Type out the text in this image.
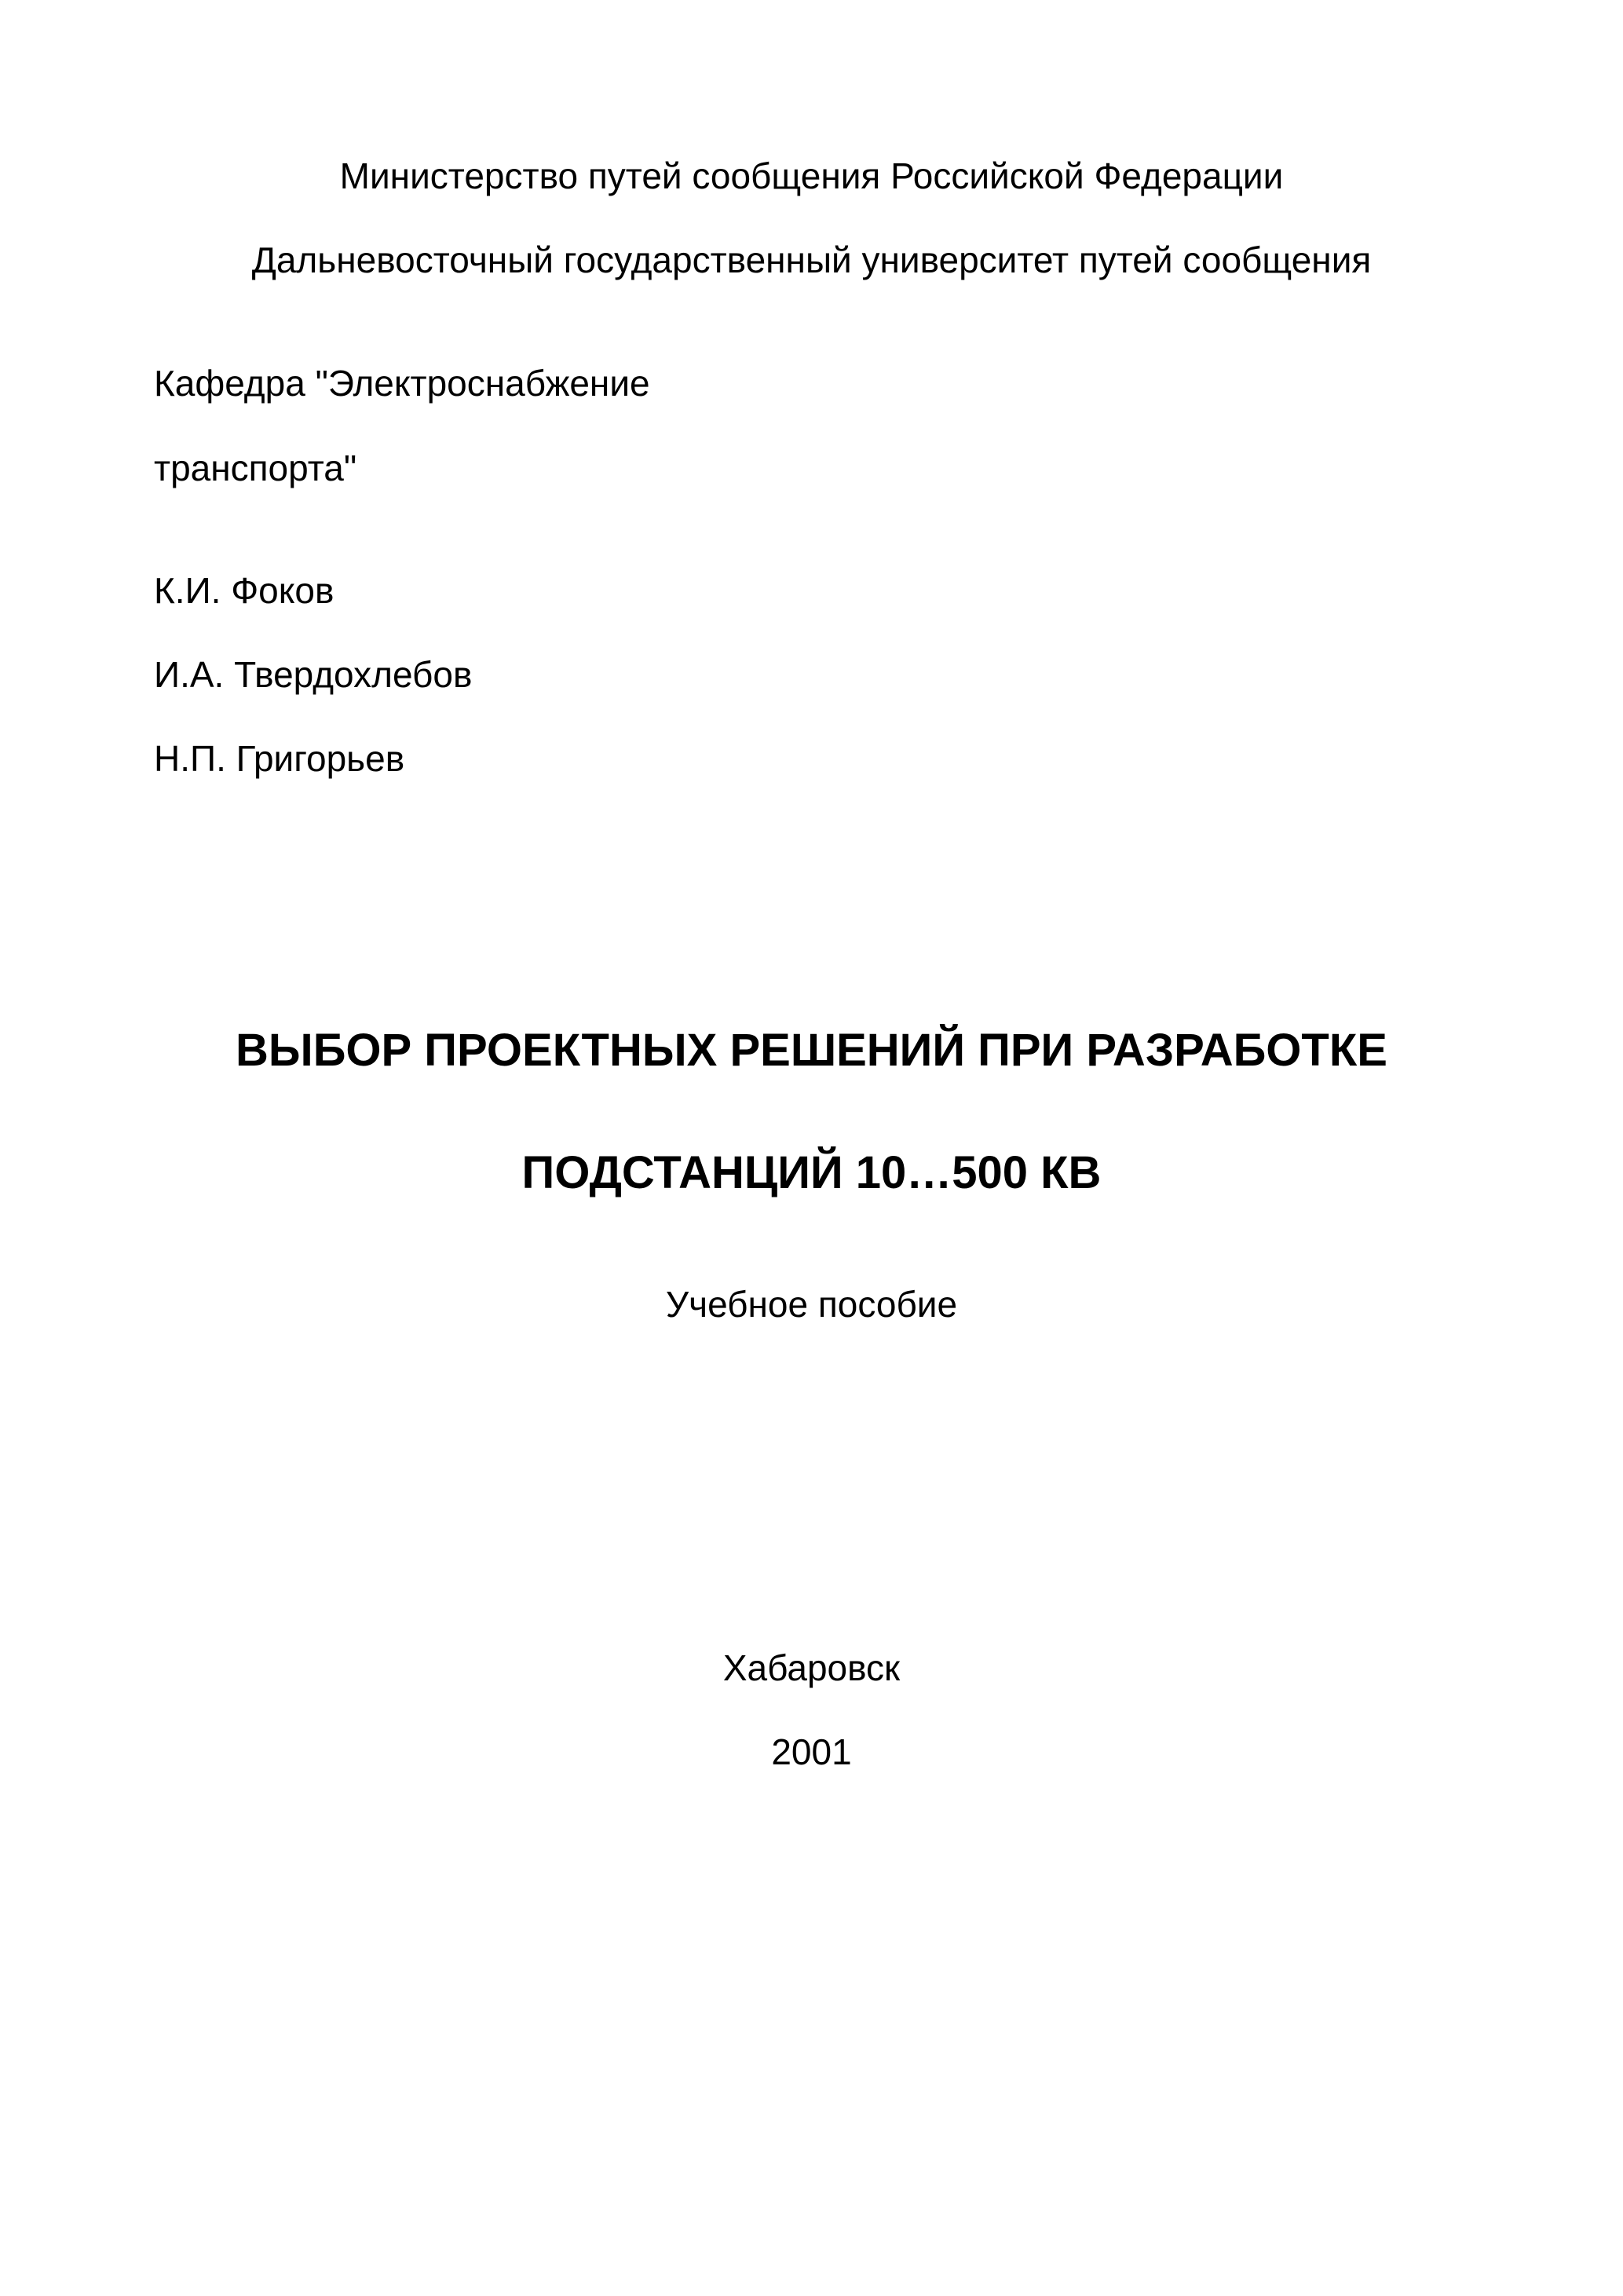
Министерство путей сообщения Российской Федерации

Дальневосточный государственный университет путей сообщения

Кафедра "Электроснабжение

транспорта"

К.И. Фоков

И.А. Твердохлебов

Н.П. Григорьев

ВЫБОР ПРОЕКТНЫХ РЕШЕНИЙ ПРИ РАЗРАБОТКЕ

ПОДСТАНЦИЙ 10…500 КВ

Учебное пособие

Хабаровск

2001
